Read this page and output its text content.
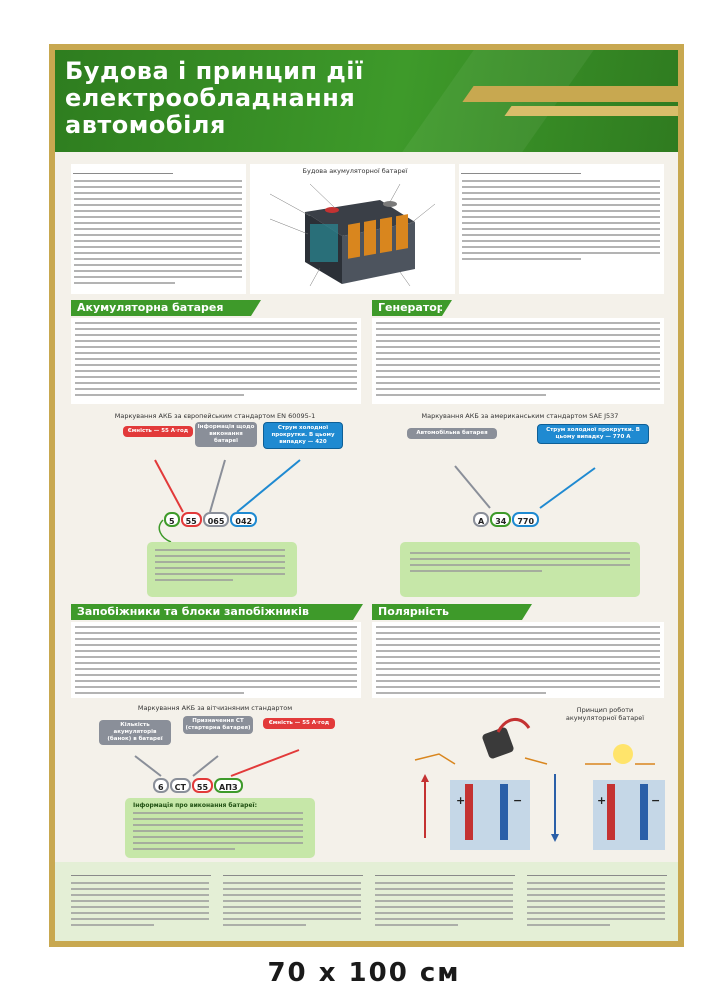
Будова і принцип дії
електрообладнання
автомобіля
Будова акумуляторної батареї
Акумуляторна батарея	Генератор
Маркування АКБ за європейським стандартом EN 60095-1
Ємність — 55 А·год
Інформація щодо виконання батареї
Струм холодної прокрутки. В цьому випадку — 420
5	55	065	042
Маркування АКБ за американським стандартом SAE J537
Автомобільна батарея	Струм холодної прокрутки. В цьому випадку — 770 А
A	34	770
Запобіжники та блоки запобіжників	Полярність
Маркування АКБ за вітчизняним стандартом
Кількість акумуляторів (банок) в батареї
Призначення СТ (стартерна батарея)
Ємність — 55 А·год
6	СТ	55	АПЗ
Інформація про виконання батареї:
Принцип роботи акумуляторної батареї
+	−	+	−
70 x 100 см
